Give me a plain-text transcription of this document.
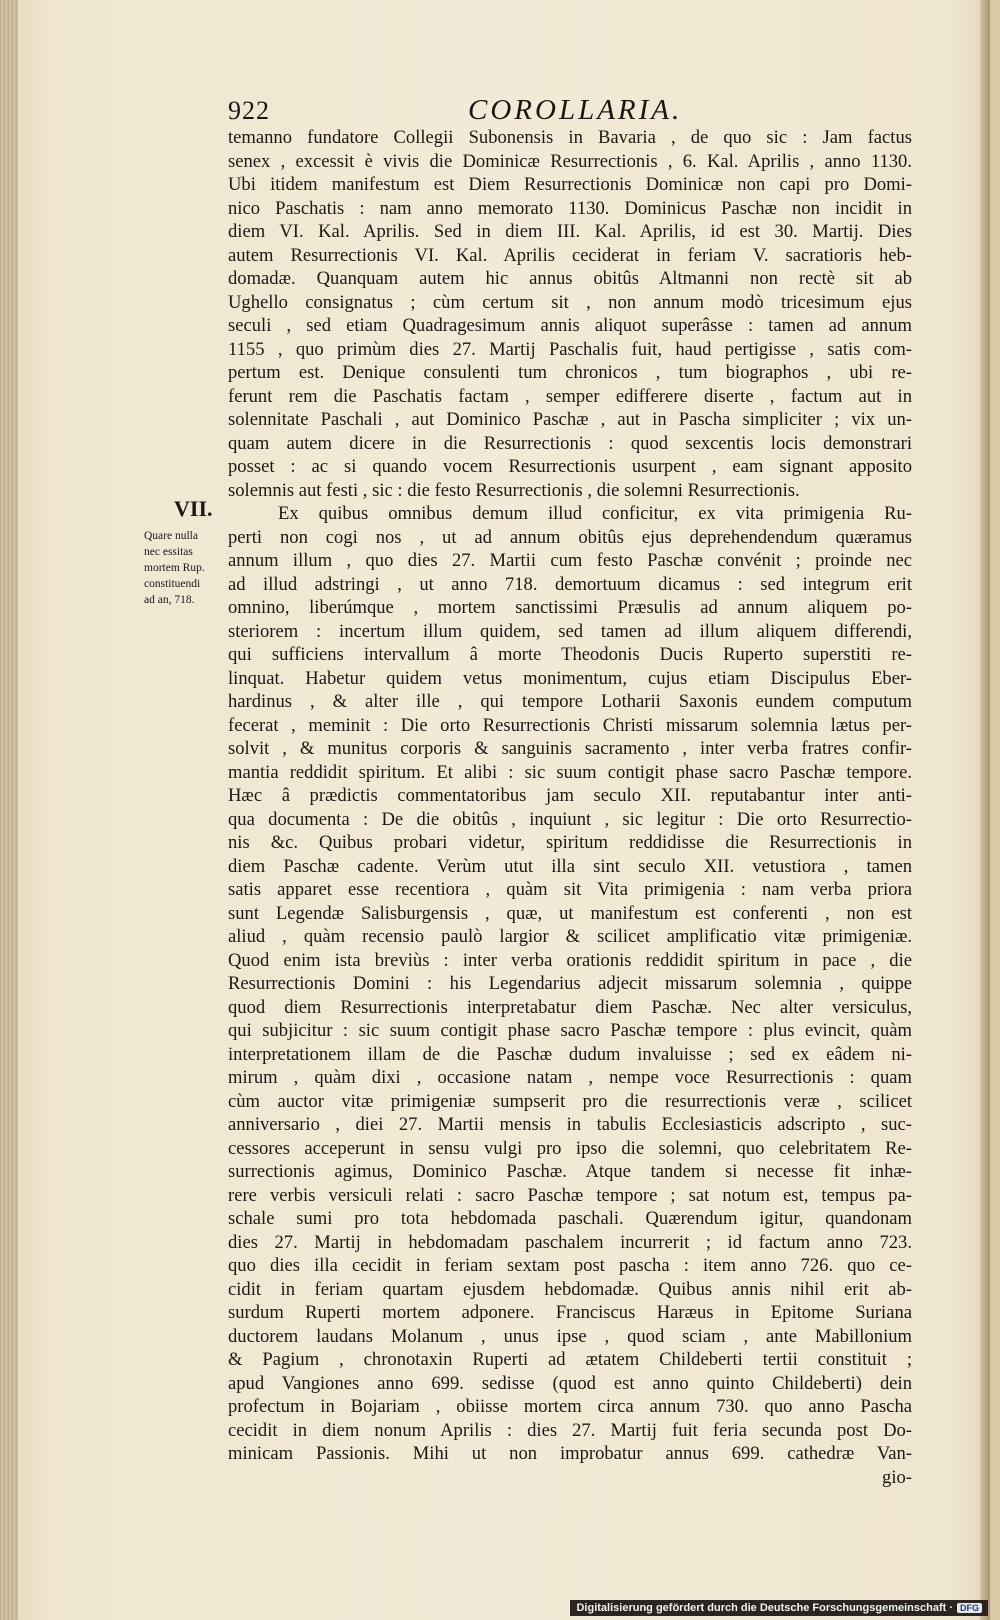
922	COROLLARIA.
VII.
Quare nulla
nec essitas
mortem Rup.
constituendi
ad an, 718.
temanno fundatore Collegii Subonensis in Bavaria , de quo sic : Jam factus
senex , excessit è vivis die Dominicæ Resurrectionis , 6. Kal. Aprilis , anno 1130.
Ubi itidem manifestum est Diem Resurrectionis Dominicæ non capi pro Domi-
nico Paschatis : nam anno memorato 1130. Dominicus Paschæ non incidit in
diem VI. Kal. Aprilis. Sed in diem III. Kal. Aprilis, id est 30. Martij. Dies
autem Resurrectionis VI. Kal. Aprilis ceciderat in feriam V. sacratioris heb-
domadæ. Quanquam autem hic annus obitûs Altmanni non rectè sit ab
Ughello consignatus ; cùm certum sit , non annum modò tricesimum ejus
seculi , sed etiam Quadragesimum annis aliquot superâsse : tamen ad annum
1155 , quo primùm dies 27. Martij Paschalis fuit, haud pertigisse , satis com-
pertum est. Denique consulenti tum chronicos , tum biographos , ubi re-
ferunt rem die Paschatis factam , semper edifferere diserte , factum aut in
solennitate Paschali , aut Dominico Paschæ , aut in Pascha simpliciter ; vix un-
quam autem dicere in die Resurrectionis : quod sexcentis locis demonstrari
posset : ac si quando vocem Resurrectionis usurpent , eam signant apposito
solemnis aut festi , sic : die festo Resurrectionis , die solemni Resurrectionis.
Ex quibus omnibus demum illud conficitur, ex vita primigenia Ru-
perti non cogi nos , ut ad annum obitûs ejus deprehendendum quæramus
annum illum , quo dies 27. Martii cum festo Paschæ convénit ; proinde nec
ad illud adstringi , ut anno 718. demortuum dicamus : sed integrum erit
omnino, liberúmque , mortem sanctissimi Præsulis ad annum aliquem po-
steriorem : incertum illum quidem, sed tamen ad illum aliquem differendi,
qui sufficiens intervallum â morte Theodonis Ducis Ruperto superstiti re-
linquat. Habetur quidem vetus monimentum, cujus etiam Discipulus Eber-
hardinus , & alter ille , qui tempore Lotharii Saxonis eundem computum
fecerat , meminit : Die orto Resurrectionis Christi missarum solemnia lætus per-
solvit , & munitus corporis & sanguinis sacramento , inter verba fratres confir-
mantia reddidit spiritum. Et alibi : sic suum contigit phase sacro Paschæ tempore.
Hæc â prædictis commentatoribus jam seculo XII. reputabantur inter anti-
qua documenta : De die obitûs , inquiunt , sic legitur : Die orto Resurrectio-
nis &c. Quibus probari videtur, spiritum reddidisse die Resurrectionis in
diem Paschæ cadente. Verùm utut illa sint seculo XII. vetustiora , tamen
satis apparet esse recentiora , quàm sit Vita primigenia : nam verba priora
sunt Legendæ Salisburgensis , quæ, ut manifestum est conferenti , non est
aliud , quàm recensio paulò largior & scilicet amplificatio vitæ primigeniæ.
Quod enim ista breviùs : inter verba orationis reddidit spiritum in pace , die
Resurrectionis Domini : his Legendarius adjecit missarum solemnia , quippe
quod diem Resurrectionis interpretabatur diem Paschæ. Nec alter versiculus,
qui subjicitur : sic suum contigit phase sacro Paschæ tempore : plus evincit, quàm
interpretationem illam de die Paschæ dudum invaluisse ; sed ex eâdem ni-
mirum , quàm dixi , occasione natam , nempe voce Resurrectionis : quam
cùm auctor vitæ primigeniæ sumpserit pro die resurrectionis veræ , scilicet
anniversario , diei 27. Martii mensis in tabulis Ecclesiasticis adscripto , suc-
cessores acceperunt in sensu vulgi pro ipso die solemni, quo celebritatem Re-
surrectionis agimus, Dominico Paschæ. Atque tandem si necesse fit inhæ-
rere verbis versiculi relati : sacro Paschæ tempore ; sat notum est, tempus pa-
schale sumi pro tota hebdomada paschali. Quærendum igitur, quandonam
dies 27. Martij in hebdomadam paschalem incurrerit ; id factum anno 723.
quo dies illa cecidit in feriam sextam post pascha : item anno 726. quo ce-
cidit in feriam quartam ejusdem hebdomadæ. Quibus annis nihil erit ab-
surdum Ruperti mortem adponere. Franciscus Haræus in Epitome Suriana
ductorem laudans Molanum , unus ipse , quod sciam , ante Mabillonium
& Pagium , chronotaxin Ruperti ad ætatem Childeberti tertii constituit ;
apud Vangiones anno 699. sedisse (quod est anno quinto Childeberti) dein
profectum in Bojariam , obiisse mortem circa annum 730. quo anno Pascha
cecidit in diem nonum Aprilis : dies 27. Martij fuit feria secunda post Do-
minicam Passionis. Mihi ut non improbatur annus 699. cathedræ Van-
gio-
Digitalisierung gefördert durch die Deutsche Forschungsgemeinschaft · DFG
